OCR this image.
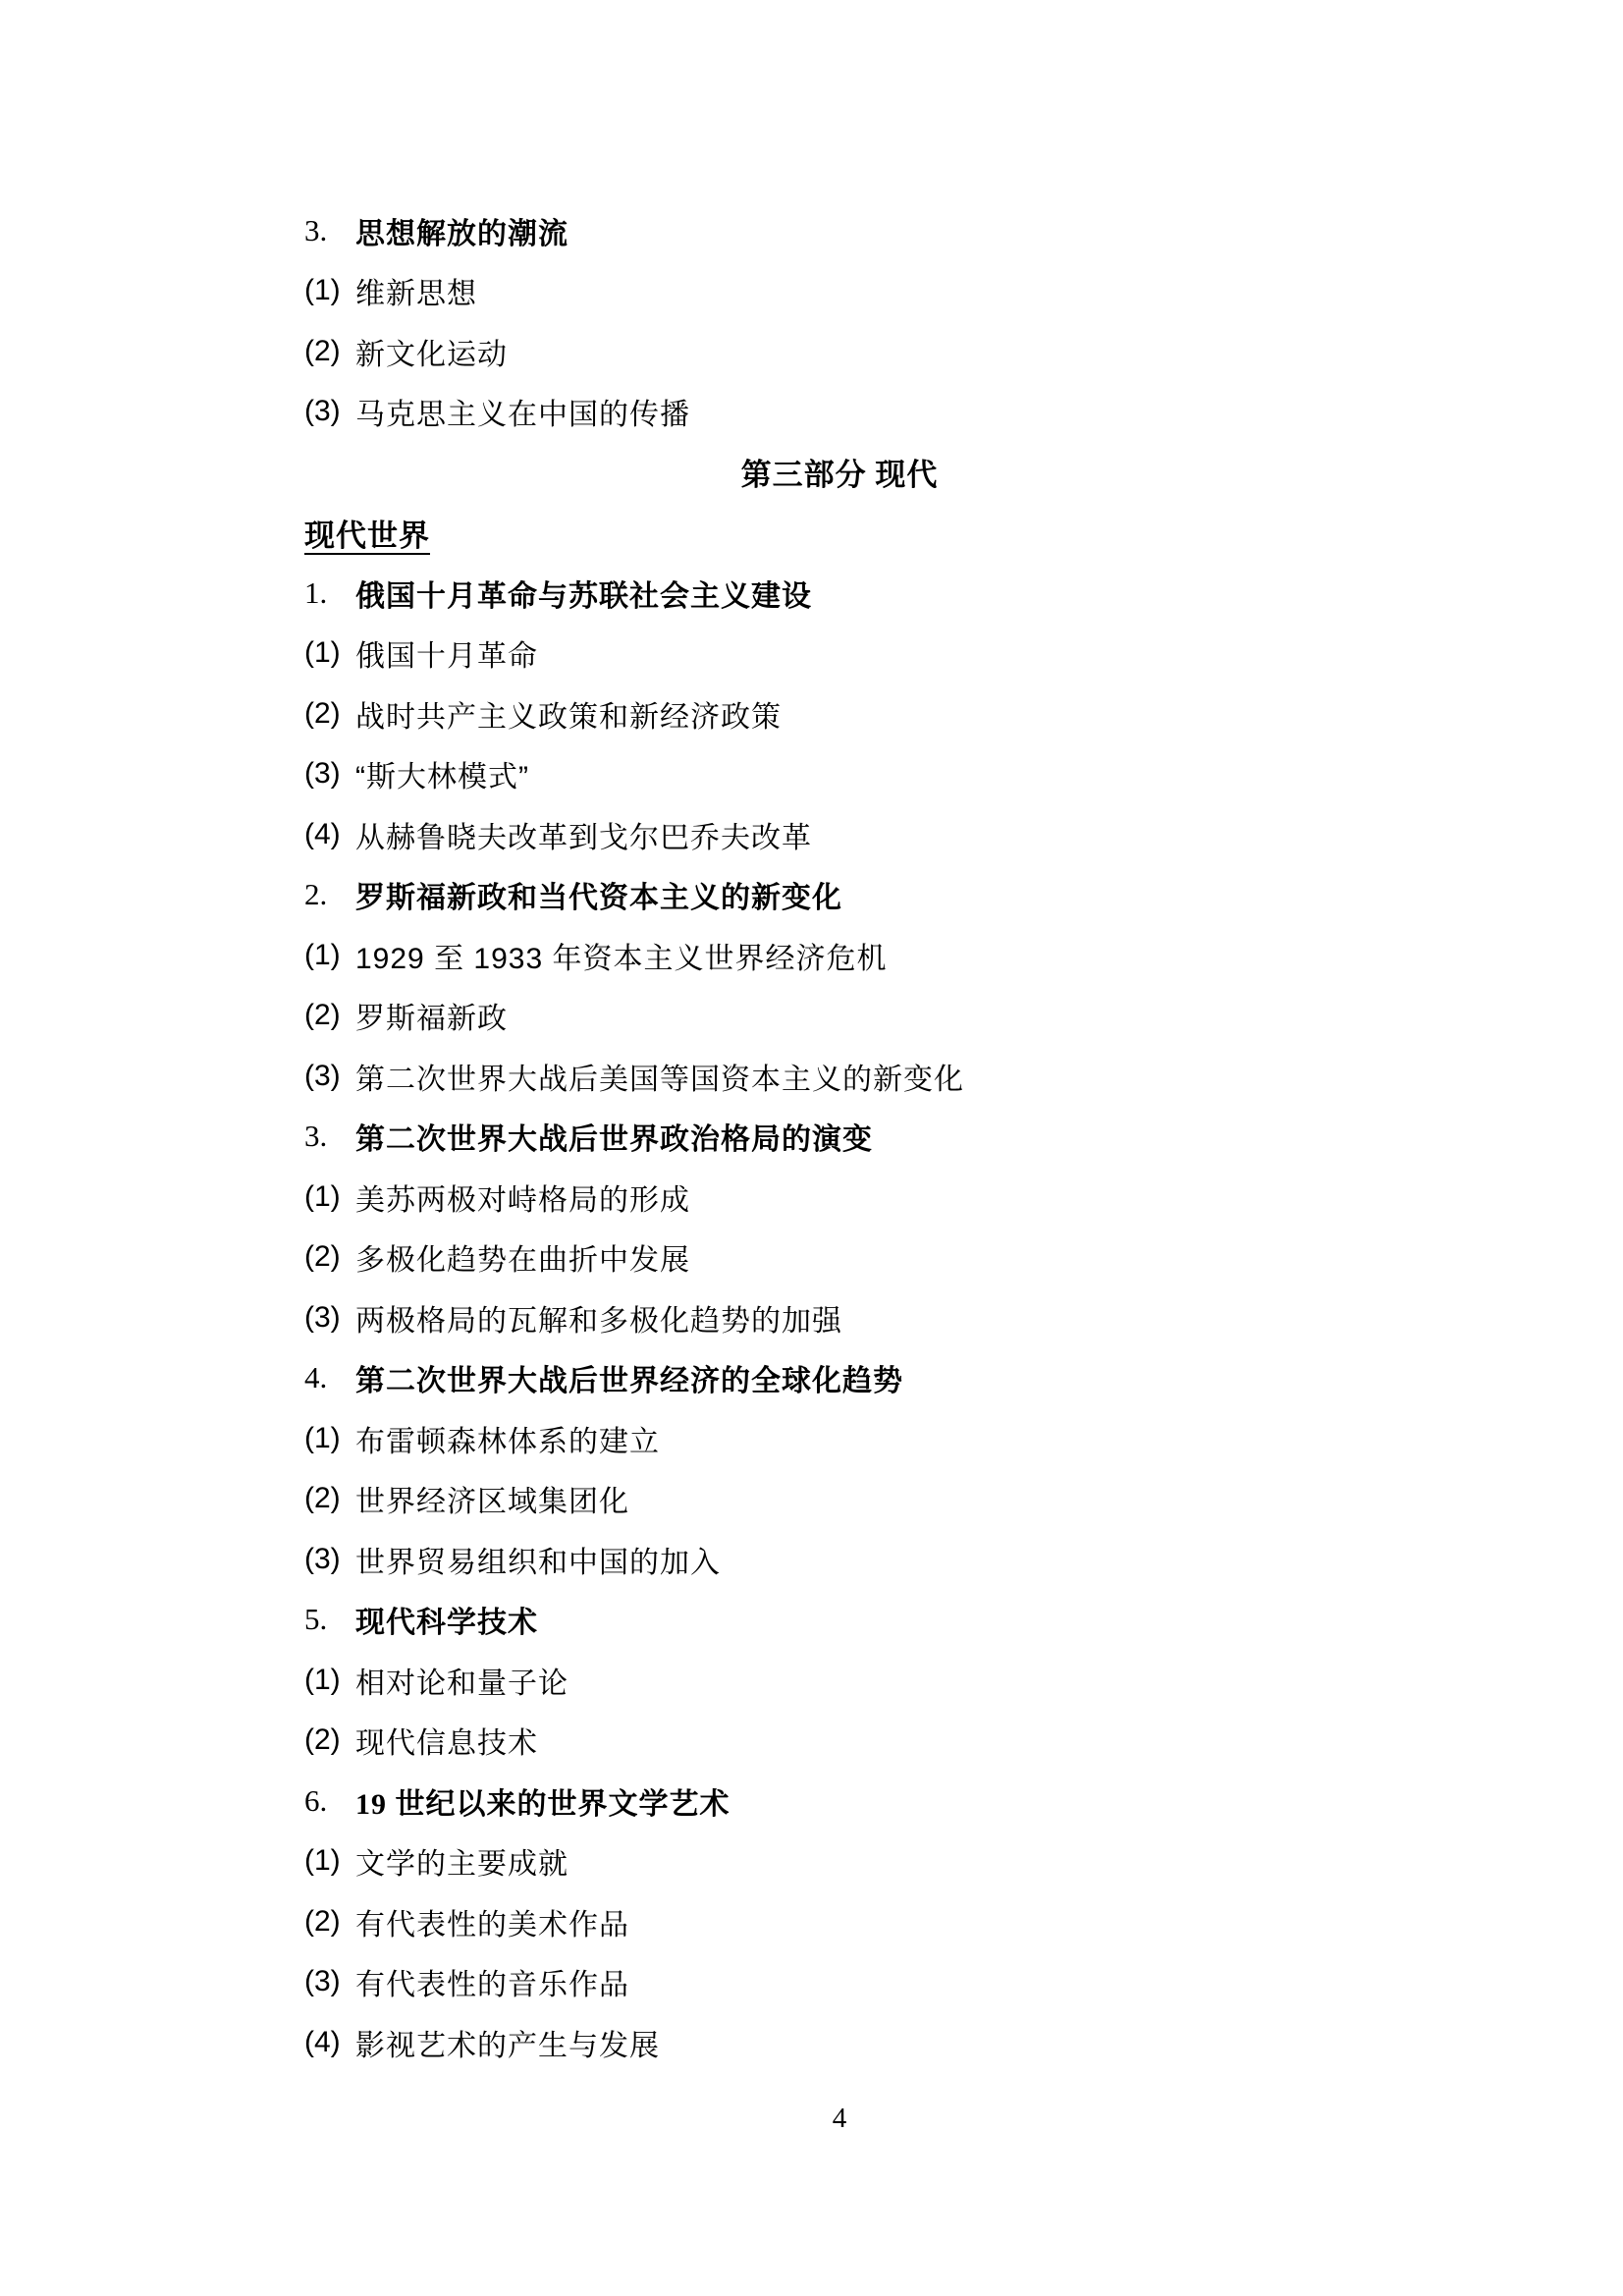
3. 思想解放的潮流
(1) 维新思想
(2) 新文化运动
(3) 马克思主义在中国的传播
第三部分 现代
现代世界
1. 俄国十月革命与苏联社会主义建设
(1) 俄国十月革命
(2) 战时共产主义政策和新经济政策
(3) “斯大林模式”
(4) 从赫鲁晓夫改革到戈尔巴乔夫改革
2. 罗斯福新政和当代资本主义的新变化
(1) 1929 至 1933 年资本主义世界经济危机
(2) 罗斯福新政
(3) 第二次世界大战后美国等国资本主义的新变化
3. 第二次世界大战后世界政治格局的演变
(1) 美苏两极对峙格局的形成
(2) 多极化趋势在曲折中发展
(3) 两极格局的瓦解和多极化趋势的加强
4. 第二次世界大战后世界经济的全球化趋势
(1) 布雷顿森林体系的建立
(2) 世界经济区域集团化
(3) 世界贸易组织和中国的加入
5. 现代科学技术
(1) 相对论和量子论
(2) 现代信息技术
6. 19 世纪以来的世界文学艺术
(1) 文学的主要成就
(2) 有代表性的美术作品
(3) 有代表性的音乐作品
(4) 影视艺术的产生与发展
4
